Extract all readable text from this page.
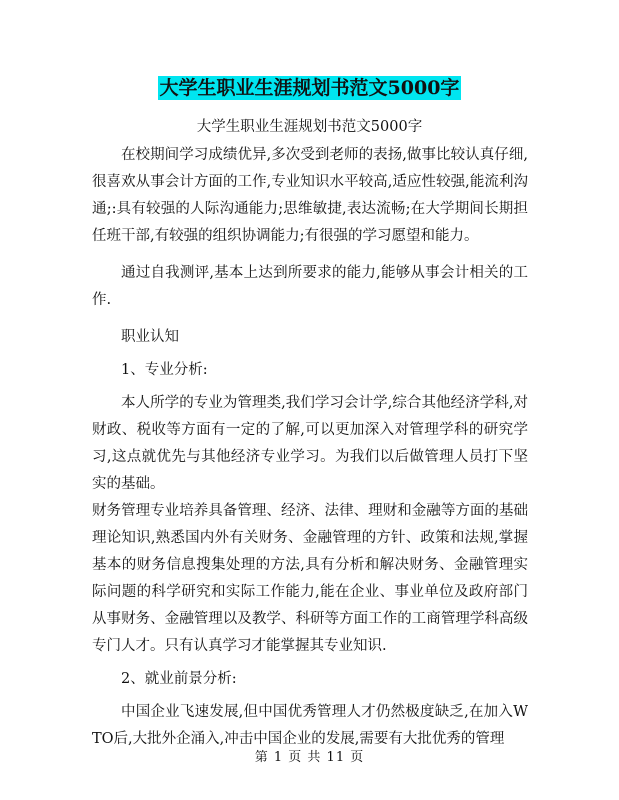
大学生职业生涯规划书范文5000字
大学生职业生涯规划书范文5000字

在校期间学习成绩优异,多次受到老师的表扬,做事比较认真仔细,很喜欢从事会计方面的工作,专业知识水平较高,适应性较强,能流利沟通;:具有较强的人际沟通能力;思维敏捷,表达流畅;在大学期间长期担任班干部,有较强的组织协调能力;有很强的学习愿望和能力。

通过自我测评,基本上达到所要求的能力,能够从事会计相关的工作.

职业认知

1、专业分析:

本人所学的专业为管理类,我们学习会计学,综合其他经济学科,对财政、税收等方面有一定的了解,可以更加深入对管理学科的研究学习,这点就优先与其他经济专业学习。为我们以后做管理人员打下坚实的基础。

财务管理专业培养具备管理、经济、法律、理财和金融等方面的基础理论知识,熟悉国内外有关财务、金融管理的方针、政策和法规,掌握基本的财务信息搜集处理的方法,具有分析和解决财务、金融管理实际问题的科学研究和实际工作能力,能在企业、事业单位及政府部门从事财务、金融管理以及教学、科研等方面工作的工商管理学科高级专门人才。只有认真学习才能掌握其专业知识.

2、就业前景分析:

中国企业飞速发展,但中国优秀管理人才仍然极度缺乏,在加入WTO后,大批外企涌入,冲击中国企业的发展,需要有大批优秀的管理

第 1 页 共 11 页
